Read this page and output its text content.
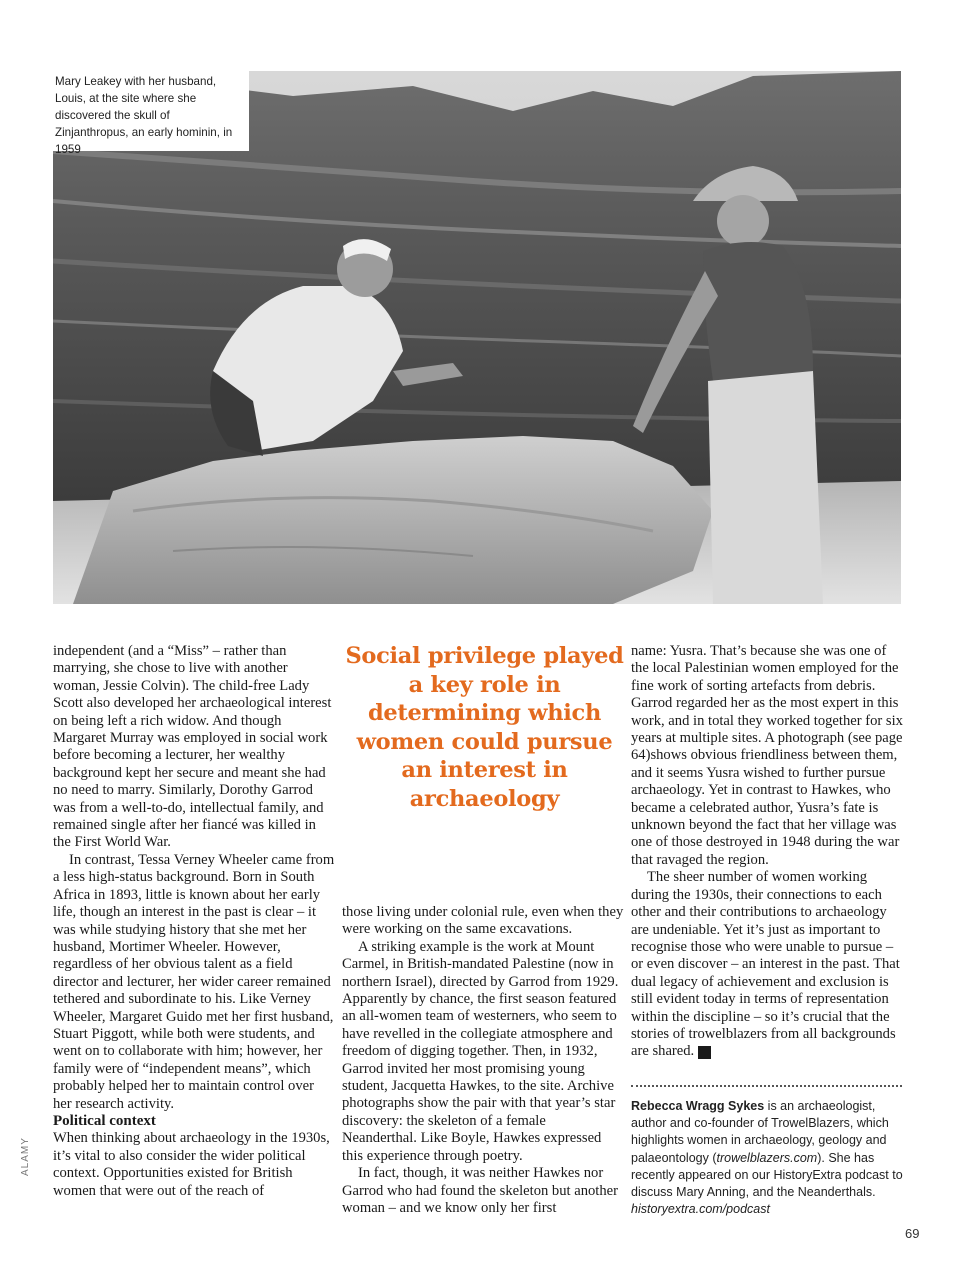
Mary Leakey with her husband, Louis, at the site where she discovered the skull of Zinjanthropus, an early hominin, in 1959

independent (and a “Miss” – rather than marrying, she chose to live with another woman, Jessie Colvin). The child-free Lady Scott also developed her archaeological interest on being left a rich widow. And though Margaret Murray was employed in social work before becoming a lecturer, her wealthy background kept her secure and meant she had no need to marry. Similarly, Dorothy Garrod was from a well-to-do, intellectual family, and remained single after her fiancé was killed in the First World War.

In contrast, Tessa Verney Wheeler came from a less high-status background. Born in South Africa in 1893, little is known about her early life, though an interest in the past is clear – it was while studying history that she met her husband, Mortimer Wheeler. However, regardless of her obvious talent as a field director and lecturer, her wider career remained tethered and subordinate to his. Like Verney Wheeler, Margaret Guido met her first husband, Stuart Piggott, while both were students, and went on to collaborate with him; however, her family were of “independent means”, which probably helped her to maintain control over her research activity.

Political context

When thinking about archaeology in the 1930s, it’s vital to also consider the wider political context. Opportunities existed for British women that were out of the reach of

Social privilege played a key role in determining which women could pursue an interest in archaeology

those living under colonial rule, even when they were working on the same excavations.

A striking example is the work at Mount Carmel, in British-mandated Palestine (now in northern Israel), directed by Garrod from 1929. Apparently by chance, the first season featured an all-women team of westerners, who seem to have revelled in the collegiate atmosphere and freedom of digging together. Then, in 1932, Garrod invited her most promising young student, Jacquetta Hawkes, to the site. Archive photographs show the pair with that year’s star discovery: the skeleton of a female Neanderthal. Like Boyle, Hawkes expressed this experience through poetry.

In fact, though, it was neither Hawkes nor Garrod who had found the skeleton but another woman – and we know only her first

name: Yusra. That’s because she was one of the local Palestinian women employed for the fine work of sorting artefacts from debris. Garrod regarded her as the most expert in this work, and in total they worked together for six years at multiple sites. A photograph (see page 64)shows obvious friendliness between them, and it seems Yusra wished to further pursue archaeology. Yet in contrast to Hawkes, who became a celebrated author, Yusra’s fate is unknown beyond the fact that her village was one of those destroyed in 1948 during the war that ravaged the region.

The sheer number of women working during the 1930s, their connections to each other and their contributions to archaeology are undeniable. Yet it’s just as important to recognise those who were unable to pursue – or even discover – an interest in the past. That dual legacy of achievement and exclusion is still evident today in terms of representation within the discipline – so it’s crucial that the stories of trowelblazers from all backgrounds are shared. H

Rebecca Wragg Sykes is an archaeologist, author and co-founder of TrowelBlazers, which highlights women in archaeology, geology and palaeontology (trowelblazers.com). She has recently appeared on our HistoryExtra podcast to discuss Mary Anning, and the Neanderthals. historyextra.com/podcast
ALAMY
69
